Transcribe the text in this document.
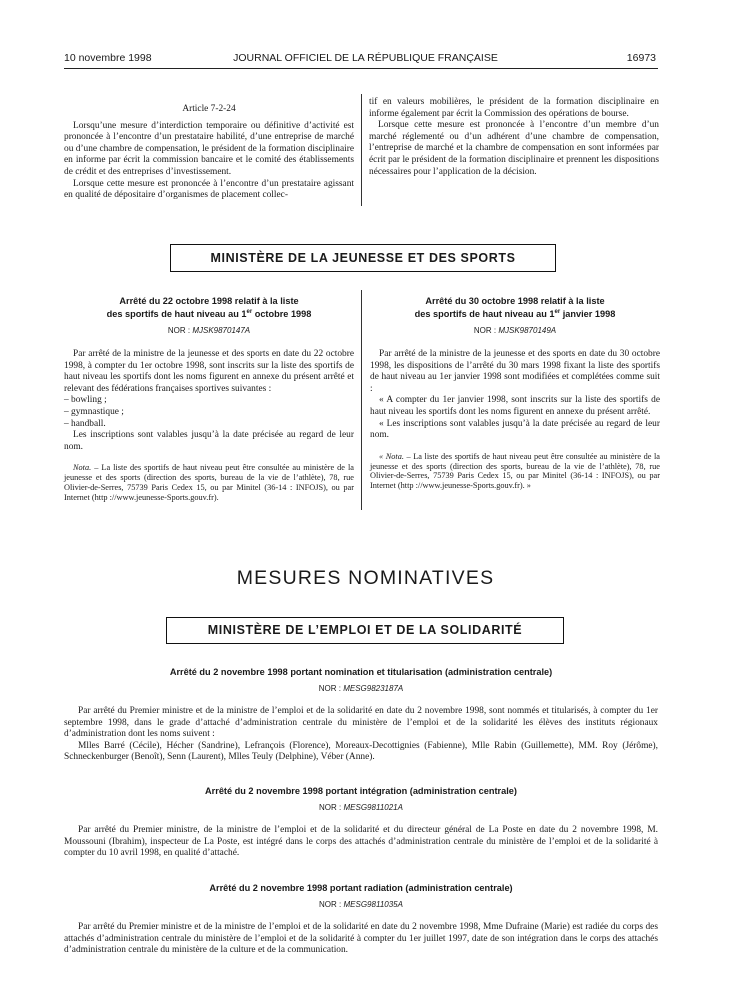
10 novembre 1998	JOURNAL OFFICIEL DE LA RÉPUBLIQUE FRANÇAISE	16973

Article 7-2-24

Lorsqu’une mesure d’interdiction temporaire ou définitive d’activité est prononcée à l’encontre d’un prestataire habilité, d’une entreprise de marché ou d’une chambre de compensation, le président de la formation disciplinaire en informe par écrit la commission bancaire et le comité des établissements de crédit et des entreprises d’investissement.

Lorsque cette mesure est prononcée à l’encontre d’un prestataire agissant en qualité de dépositaire d’organismes de placement collec-

tif en valeurs mobilières, le président de la formation disciplinaire en informe également par écrit la Commission des opérations de bourse.

Lorsque cette mesure est prononcée à l’encontre d’un membre d’un marché réglementé ou d’un adhérent d’une chambre de compensation, l’entreprise de marché et la chambre de compensation en sont informées par écrit par le président de la formation disciplinaire et prennent les dispositions nécessaires pour l’application de la décision.

MINISTÈRE DE LA JEUNESSE ET DES SPORTS
Arrêté du 22 octobre 1998 relatif à la liste
des sportifs de haut niveau au 1er octobre 1998
NOR : MJSK9870147A

Par arrêté de la ministre de la jeunesse et des sports en date du 22 octobre 1998, à compter du 1er octobre 1998, sont inscrits sur la liste des sportifs de haut niveau les sportifs dont les noms figurent en annexe du présent arrêté et relevant des fédérations françaises sportives suivantes :

– bowling ;

– gymnastique ;

– handball.

Les inscriptions sont valables jusqu’à la date précisée au regard de leur nom.

Nota. – La liste des sportifs de haut niveau peut être consultée au ministère de la jeunesse et des sports (direction des sports, bureau de la vie de l’athlète), 78, rue Olivier-de-Serres, 75739 Paris Cedex 15, ou par Minitel (36-14 : INFOJS), ou par Internet (http ://www.jeunesse-Sports.gouv.fr).

Arrêté du 30 octobre 1998 relatif à la liste
des sportifs de haut niveau au 1er janvier 1998
NOR : MJSK9870149A

Par arrêté de la ministre de la jeunesse et des sports en date du 30 octobre 1998, les dispositions de l’arrêté du 30 mars 1998 fixant la liste des sportifs de haut niveau au 1er janvier 1998 sont modifiées et complétées comme suit :

« A compter du 1er janvier 1998, sont inscrits sur la liste des sportifs de haut niveau les sportifs dont les noms figurent en annexe du présent arrêté.

« Les inscriptions sont valables jusqu’à la date précisée au regard de leur nom.

« Nota. – La liste des sportifs de haut niveau peut être consultée au ministère de la jeunesse et des sports (direction des sports, bureau de la vie de l’athlète), 78, rue Olivier-de-Serres, 75739 Paris Cedex 15, ou par Minitel (36-14 : INFOJS), ou par Internet (http ://www.jeunesse-Sports.gouv.fr). »

MESURES NOMINATIVES
MINISTÈRE DE L’EMPLOI ET DE LA SOLIDARITÉ
Arrêté du 2 novembre 1998 portant nomination et titularisation (administration centrale)
NOR : MESG9823187A

Par arrêté du Premier ministre et de la ministre de l’emploi et de la solidarité en date du 2 novembre 1998, sont nommés et titularisés, à compter du 1er septembre 1998, dans le grade d’attaché d’administration centrale du ministère de l’emploi et de la solidarité les élèves des instituts régionaux d’administration dont les noms suivent :

Mlles Barré (Cécile), Hécher (Sandrine), Lefrançois (Florence), Moreaux-Decottignies (Fabienne), Mlle Rabin (Guillemette), MM. Roy (Jérôme), Schneckenburger (Benoît), Senn (Laurent), Mlles Teuly (Delphine), Véber (Anne).

Arrêté du 2 novembre 1998 portant intégration (administration centrale)
NOR : MESG9811021A

Par arrêté du Premier ministre, de la ministre de l’emploi et de la solidarité et du directeur général de La Poste en date du 2 novembre 1998, M. Moussouni (Ibrahim), inspecteur de La Poste, est intégré dans le corps des attachés d’administration centrale du ministère de l’emploi et de la solidarité à compter du 10 avril 1998, en qualité d’attaché.

Arrêté du 2 novembre 1998 portant radiation (administration centrale)
NOR : MESG9811035A

Par arrêté du Premier ministre et de la ministre de l’emploi et de la solidarité en date du 2 novembre 1998, Mme Dufraine (Marie) est radiée du corps des attachés d’administration centrale du ministère de l’emploi et de la solidarité à compter du 1er juillet 1997, date de son intégration dans le corps des attachés d’administration centrale du ministère de la culture et de la communication.
